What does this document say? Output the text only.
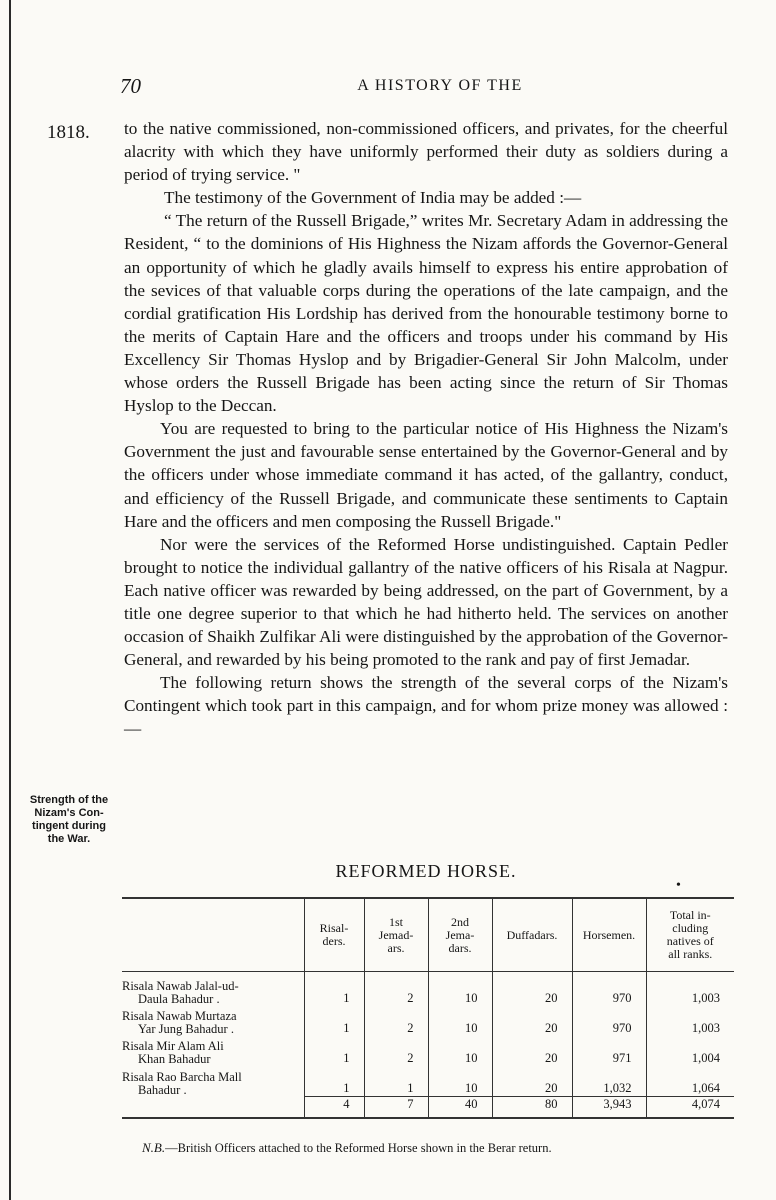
70	A HISTORY OF THE
1818.
Strength of the
Nizam's Con-
tingent during
the War.

to the native commissioned, non-commissioned officers, and privates, for the cheerful alacrity with which they have uniformly performed their duty as soldiers during a period of trying service. "

The testimony of the Government of India may be added :—

“ The return of the Russell Brigade,” writes Mr. Secretary Adam in addressing the Resident, “ to the dominions of His Highness the Nizam affords the Governor-General an opportunity of which he gladly avails himself to express his entire approbation of the sevices of that valuable corps during the operations of the late campaign, and the cordial gratification His Lordship has derived from the honourable testimony borne to the merits of Captain Hare and the officers and troops under his command by His Excellency Sir Thomas Hyslop and by Brigadier-General Sir John Malcolm, under whose orders the Russell Brigade has been acting since the return of Sir Thomas Hyslop to the Deccan.

You are requested to bring to the particular notice of His Highness the Nizam's Government the just and favourable sense entertained by the Governor-General and by the officers under whose immediate command it has acted, of the gallantry, conduct, and efficiency of the Russell Brigade, and communicate these sentiments to Captain Hare and the officers and men composing the Russell Brigade."

Nor were the services of the Reformed Horse undistinguished. Captain Pedler brought to notice the individual gallantry of the native officers of his Risala at Nagpur. Each native officer was rewarded by being addressed, on the part of Government, by a title one degree superior to that which he had hitherto held. The services on another occasion of Shaikh Zulfikar Ali were distinguished by the approbation of the Governor-General, and rewarded by his being promoted to the rank and pay of first Jemadar.

The following return shows the strength of the several corps of the Nizam's Contingent which took part in this campaign, and for whom prize money was allowed :—

REFORMED HORSE.
•
	Risal-
ders.	1st
Jemad-
ars.	2nd
Jema-
dars.	Duffadars.	Horsemen.	Total in-
cluding
natives of
all ranks.
Risala Nawab Jalal-ud-
Daula Bahadur .	1	2	10	20	970	1,003
Risala Nawab Murtaza
Yar Jung Bahadur .	1	2	10	20	970	1,003
Risala Mir Alam Ali
Khan Bahadur	1	2	10	20	971	1,004
Risala Rao Barcha Mall
Bahadur .	1	1	10	20	1,032	1,064
	4	7	40	80	3,943	4,074
N.B.—British Officers attached to the Reformed Horse shown in the Berar return.
